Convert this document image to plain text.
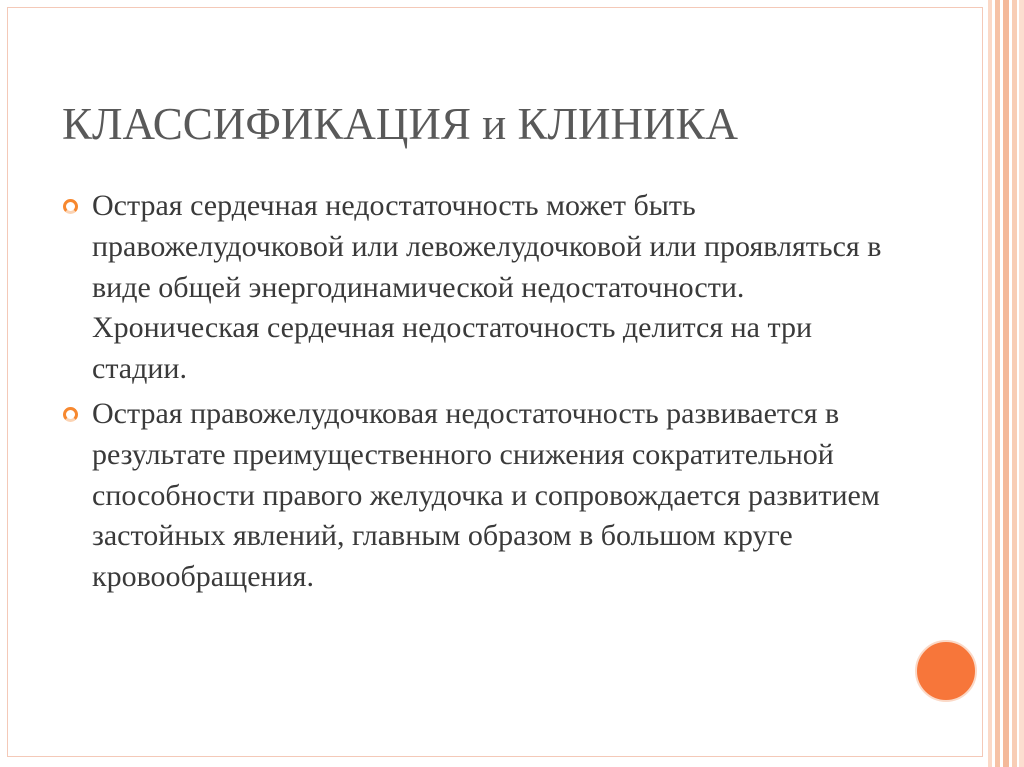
КЛАССИФИКАЦИЯ и КЛИНИКА
Острая сердечная недостаточность может быть правожелудочковой или левожелудочковой или проявляться в виде общей энергодинамической недостаточности. Хроническая сердечная недостаточность делится на три стадии.
Острая правожелудочковая недостаточность развивается в результате преимущественного снижения сократительной способности правого желудочка и сопровождается развитием застойных явлений, главным образом в большом круге кровообращения.
